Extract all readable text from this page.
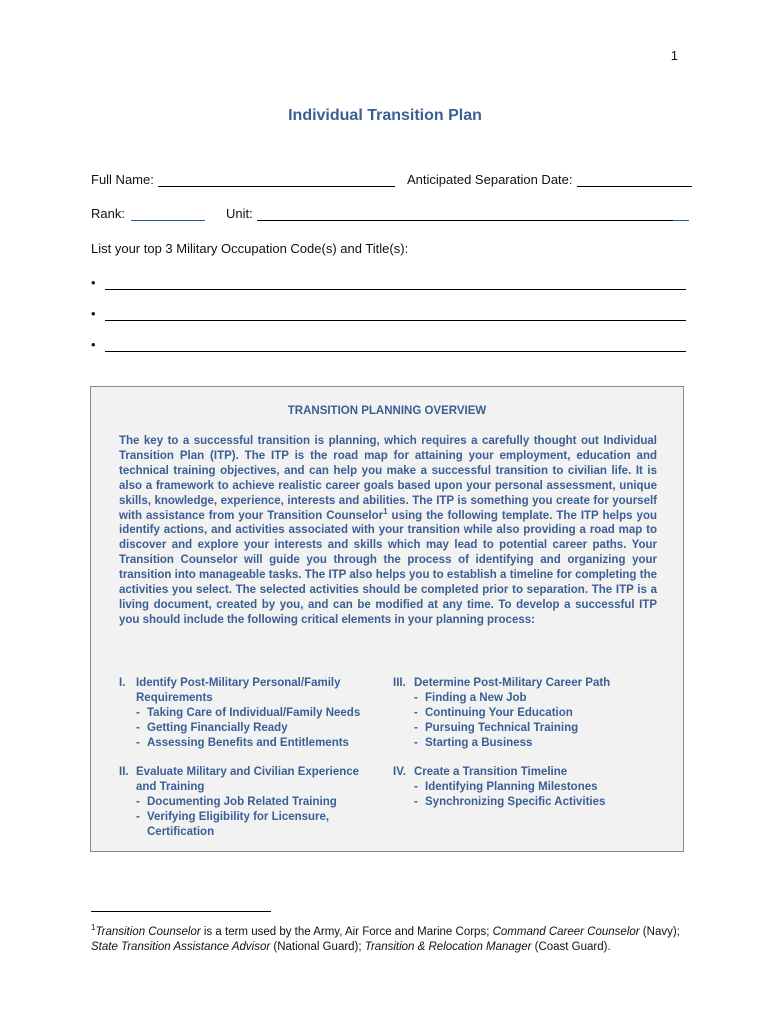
1
Individual Transition Plan
Full Name:	Anticipated Separation Date:
Rank:	Unit:
List your top 3 Military Occupation Code(s) and Title(s):
•
•
•
TRANSITION PLANNING OVERVIEW

The key to a successful transition is planning, which requires a carefully thought out Individual Transition Plan (ITP). The ITP is the road map for attaining your employment, education and technical training objectives, and can help you make a successful transition to civilian life. It is also a framework to achieve realistic career goals based upon your personal assessment, unique skills, knowledge, experience, interests and abilities. The ITP is something you create for yourself with assistance from your Transition Counselor$^1$ using the following template. The ITP helps you identify actions, and activities associated with your transition while also providing a road map to discover and explore your interests and skills which may lead to potential career paths. Your Transition Counselor will guide you through the process of identifying and organizing your transition into manageable tasks. The ITP also helps you to establish a timeline for completing the activities you select. The selected activities should be completed prior to separation. The ITP is a living document, created by you, and can be modified at any time. To develop a successful ITP you should include the following critical elements in your planning process:

I. Identify Post-Military Personal/Family
Requirements
- Taking Care of Individual/Family Needs
- Getting Financially Ready
- Assessing Benefits and Entitlements
II. Evaluate Military and Civilian Experience
and Training
- Documenting Job Related Training
- Verifying Eligibility for Licensure,
Certification
III. Determine Post-Military Career Path
- Finding a New Job
- Continuing Your Education
- Pursuing Technical Training
- Starting a Business
IV. Create a Transition Timeline
- Identifying Planning Milestones
- Synchronizing Specific Activities
$^1$Transition Counselor is a term used by the Army, Air Force and Marine Corps; Command Career Counselor (Navy); State Transition Assistance Advisor (National Guard); Transition & Relocation Manager (Coast Guard).
